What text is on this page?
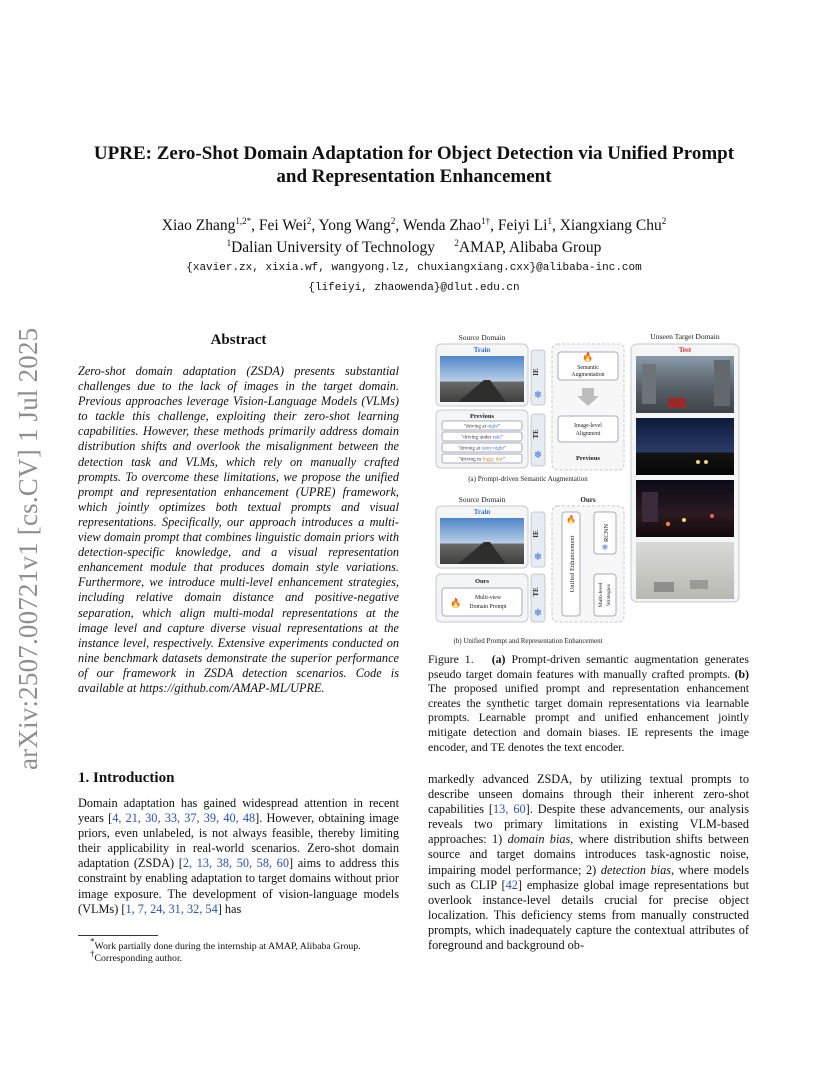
arXiv:2507.00721v1 [cs.CV] 1 Jul 2025
UPRE: Zero-Shot Domain Adaptation for Object Detection via Unified Prompt
and Representation Enhancement
Xiao Zhang$^{1,2*}$, Fei Wei$^2$, Yong Wang$^2$, Wenda Zhao$^{1\dagger}$, Feiyi Li$^1$, Xiangxiang Chu$^2$
$^1$Dalian University of Technology $^2$AMAP, Alibaba Group
{xavier.zx, xixia.wf, wangyong.lz, chuxiangxiang.cxx}@alibaba-inc.com
{lifeiyi, zhaowenda}@dlut.edu.cn
Abstract
Zero-shot domain adaptation (ZSDA) presents substantial challenges due to the lack of images in the target domain. Previous approaches leverage Vision-Language Models (VLMs) to tackle this challenge, exploiting their zero-shot learning capabilities. However, these methods primarily address domain distribution shifts and overlook the misalignment between the detection task and VLMs, which rely on manually crafted prompts. To overcome these limitations, we propose the unified prompt and representation enhancement (UPRE) framework, which jointly optimizes both textual prompts and visual representations. Specifically, our approach introduces a multi-view domain prompt that combines linguistic domain priors with detection-specific knowledge, and a visual representation enhancement module that produces domain style variations. Furthermore, we introduce multi-level enhancement strategies, including relative domain distance and positive-negative separation, which align multi-modal representations at the image level and capture diverse visual representations at the instance level, respectively. Extensive experiments conducted on nine benchmark datasets demonstrate the superior performance of our framework in ZSDA detection scenarios. Code is available at https://github.com/AMAP-ML/UPRE.
1. Introduction
Domain adaptation has gained widespread attention in recent years [4, 21, 30, 33, 37, 39, 40, 48]. However, obtaining image priors, even unlabeled, is not always feasible, thereby limiting their applicability in real-world scenarios. Zero-shot domain adaptation (ZSDA) [2, 13, 38, 50, 58, 60] aims to address this constraint by enabling adaptation to target domains without prior image exposure. The development of vision-language models (VLMs) [1, 7, 24, 31, 32, 54] has
*Work partially done during the internship at AMAP, Alibaba Group.
†Corresponding author.
Source Domain	Unseen Target Domain
Train
IE
❄
Previous
"driving at night"
"driving under rain"
"driving at rainy night"
"driving in foggy day"
TE
❄
🔥
Semantic
Augmentation
Image-level
Alignment
Previous
Test
(a) Prompt-driven Semantic Augmentation
Source Domain	Ours
Train
IE
❄
Ours
🔥 Multi-view
Domain Prompt
TE
❄
Unified Enhancement
🔥
RCNN
❄
Multi-level Strategies
(b) Unified Prompt and Representation Enhancement
Figure 1. (a) Prompt-driven semantic augmentation generates pseudo target domain features with manually crafted prompts. (b) The proposed unified prompt and representation enhancement creates the synthetic target domain representations via learnable prompts. Learnable prompt and unified enhancement jointly mitigate detection and domain biases. IE represents the image encoder, and TE denotes the text encoder.
markedly advanced ZSDA, by utilizing textual prompts to describe unseen domains through their inherent zero-shot capabilities [13, 60]. Despite these advancements, our analysis reveals two primary limitations in existing VLM-based approaches: 1) domain bias, where distribution shifts between source and target domains introduces task-agnostic noise, impairing model performance; 2) detection bias, where models such as CLIP [42] emphasize global image representations but overlook instance-level details crucial for precise object localization. This deficiency stems from manually constructed prompts, which inadequately capture the contextual attributes of foreground and background ob-
